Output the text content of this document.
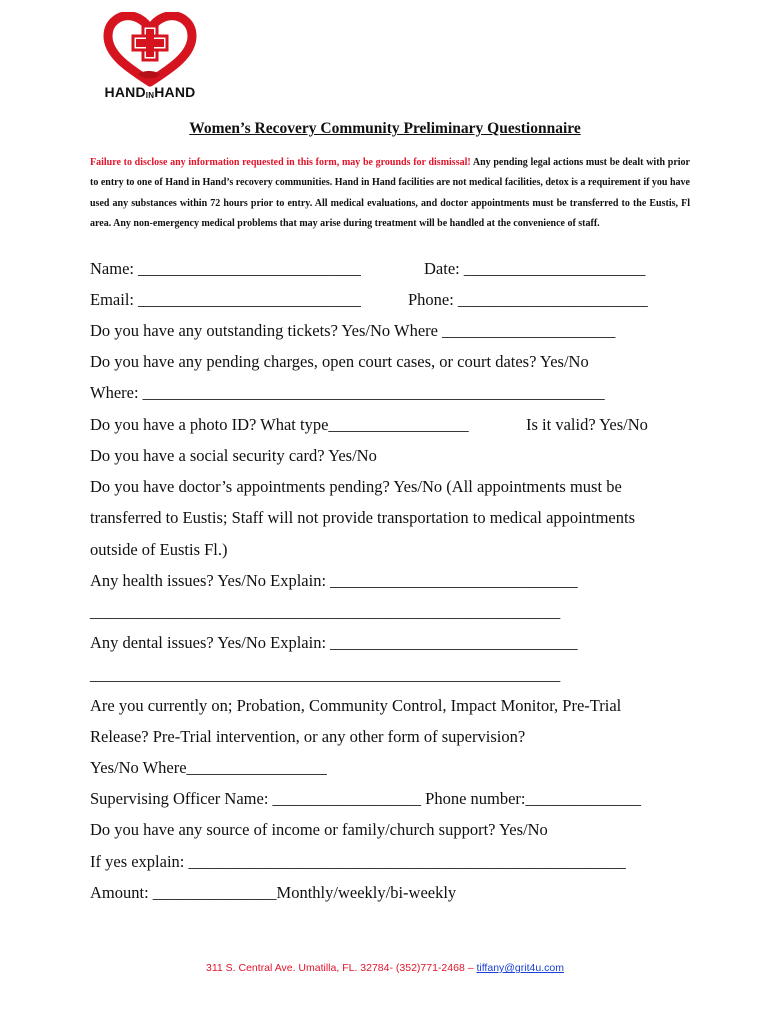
HANDINHAND
Women’s Recovery Community Preliminary Questionnaire
Failure to disclose any information requested in this form, may be grounds for dismissal! Any pending legal actions must be dealt with prior to entry to one of Hand in Hand’s recovery communities. Hand in Hand facilities are not medical facilities, detox is a requirement if you have used any substances within 72 hours prior to entry. All medical evaluations, and doctor appointments must be transferred to the Eustis, Fl area. Any non-emergency medical problems that may arise during treatment will be handled at the convenience of staff.
Name: ___________________________	Date: ______________________
Email: ___________________________	Phone: _______________________
Do you have any outstanding tickets? Yes/No Where _____________________
Do you have any pending charges, open court cases, or court dates? Yes/No
Where: ________________________________________________________
Do you have a photo ID? What type_________________	Is it valid? Yes/No
Do you have a social security card? Yes/No
Do you have doctor’s appointments pending? Yes/No (All appointments must be
transferred to Eustis; Staff will not provide transportation to medical appointments
outside of Eustis Fl.)
Any health issues? Yes/No Explain: ______________________________
_________________________________________________________
Any dental issues? Yes/No Explain: ______________________________
_________________________________________________________
Are you currently on; Probation, Community Control, Impact Monitor, Pre-Trial
Release? Pre-Trial intervention, or any other form of supervision?
Yes/No Where_________________
Supervising Officer Name: __________________ Phone number:______________
Do you have any source of income or family/church support? Yes/No
If yes explain: _____________________________________________________
Amount: _______________Monthly/weekly/bi-weekly
311 S. Central Ave. Umatilla, FL. 32784- (352)771-2468 – tiffany@grit4u.com
